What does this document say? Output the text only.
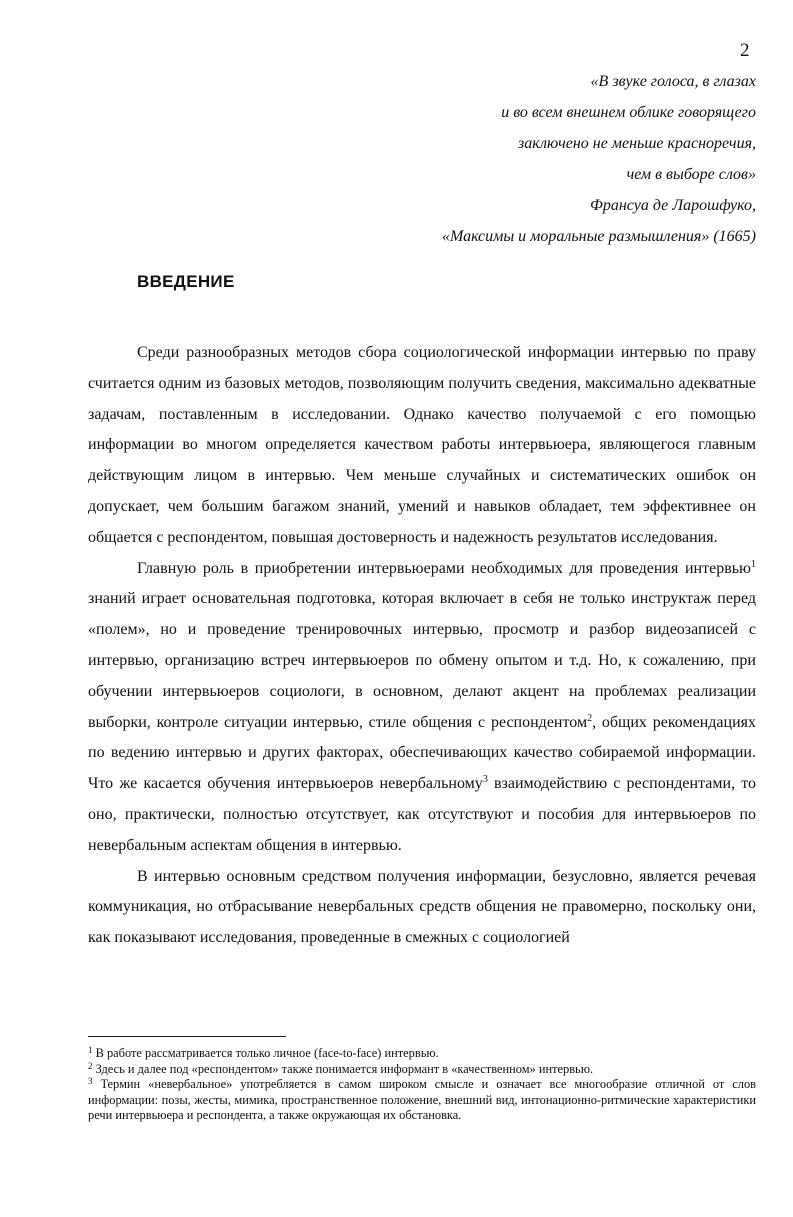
2
«В звуке голоса, в глазах
и во всем внешнем облике говорящего
заключено не меньше красноречия,
чем в выборе слов»
Франсуа де Ларошфуко,
«Максимы и моральные размышления» (1665)
ВВЕДЕНИЕ

Среди разнообразных методов сбора социологической информации интервью по праву считается одним из базовых методов, позволяющим получить сведения, максимально адекватные задачам, поставленным в исследовании. Однако качество получаемой с его помощью информации во многом определяется качеством работы интервьюера, являющегося главным действующим лицом в интервью. Чем меньше случайных и систематических ошибок он допускает, чем большим багажом знаний, умений и навыков обладает, тем эффективнее он общается с респондентом, повышая достоверность и надежность результатов исследования.

Главную роль в приобретении интервьюерами необходимых для проведения интервью$^1$ знаний играет основательная подготовка, которая включает в себя не только инструктаж перед «полем», но и проведение тренировочных интервью, просмотр и разбор видеозаписей с интервью, организацию встреч интервьюеров по обмену опытом и т.д. Но, к сожалению, при обучении интервьюеров социологи, в основном, делают акцент на проблемах реализации выборки, контроле ситуации интервью, стиле общения с респондентом$^2$, общих рекомендациях по ведению интервью и других факторах, обеспечивающих качество собираемой информации. Что же касается обучения интервьюеров невербальному$^3$ взаимодействию с респондентами, то оно, практически, полностью отсутствует, как отсутствуют и пособия для интервьюеров по невербальным аспектам общения в интервью.

В интервью основным средством получения информации, безусловно, является речевая коммуникация, но отбрасывание невербальных средств общения не правомерно, поскольку они, как показывают исследования, проведенные в смежных с социологией

$^1$ В работе рассматривается только личное (face-to-face) интервью.

$^2$ Здесь и далее под «респондентом» также понимается информант в «качественном» интервью.

$^3$ Термин «невербальное» употребляется в самом широком смысле и означает все многообразие отличной от слов информации: позы, жесты, мимика, пространственное положение, внешний вид, интонационно-ритмические характеристики речи интервьюера и респондента, а также окружающая их обстановка.
